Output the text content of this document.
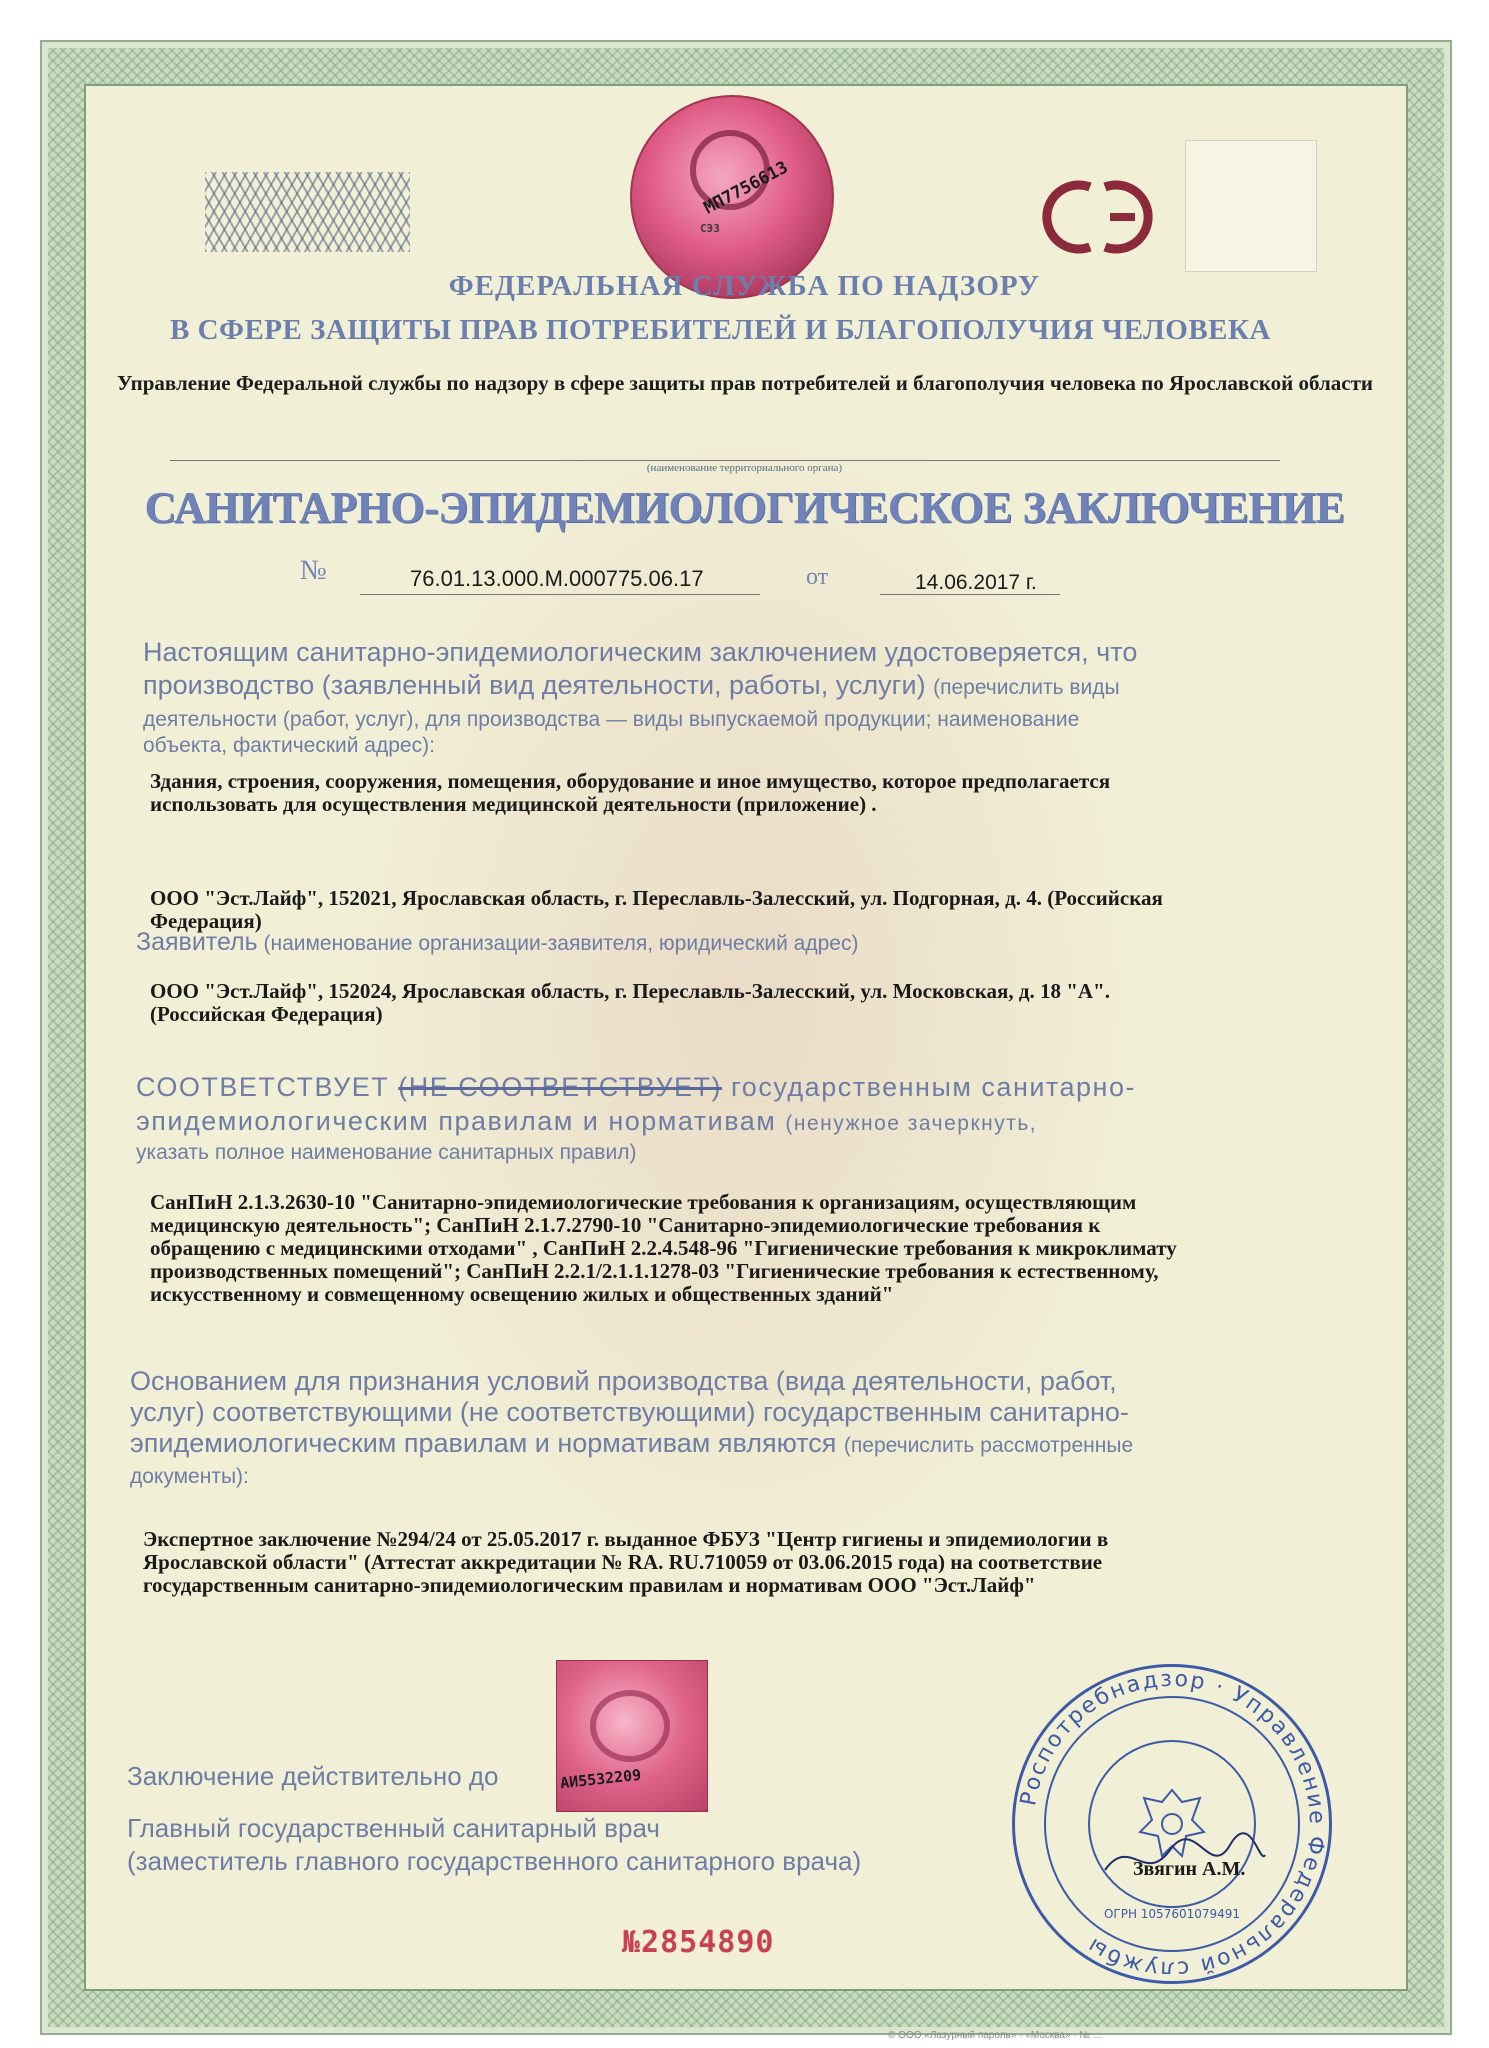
МП7756613
СЭЗ
ФЕДЕРАЛЬНАЯ СЛУЖБА ПО НАДЗОРУ
В СФЕРЕ ЗАЩИТЫ ПРАВ ПОТРЕБИТЕЛЕЙ И БЛАГОПОЛУЧИЯ ЧЕЛОВЕКА
Управление Федеральной службы по надзору в сфере защиты прав потребителей и благополучия человека по Ярославской области
(наименование территориального органа)
САНИТАРНО-ЭПИДЕМИОЛОГИЧЕСКОЕ ЗАКЛЮЧЕНИЕ
№	76.01.13.000.М.000775.06.17	от	14.06.2017 г.
Настоящим санитарно-эпидемиологическим заключением удостоверяется, что
производство (заявленный вид деятельности, работы, услуги) (перечислить виды
деятельности (работ, услуг), для производства — виды выпускаемой продукции; наименование
объекта, фактический адрес):
Здания, строения, сооружения, помещения, оборудование и иное имущество, которое предполагается
использовать для осуществления медицинской деятельности (приложение) .
ООО "Эст.Лайф", 152021, Ярославская область, г. Переславль-Залесский, ул. Подгорная, д. 4. (Российская
Федерация)
Заявитель (наименование организации-заявителя, юридический адрес)
ООО "Эст.Лайф", 152024, Ярославская область, г. Переславль-Залесский, ул. Московская, д. 18 "А".
(Российская Федерация)
СООТВЕТСТВУЕТ (НЕ СООТВЕТСТВУЕТ) государственным санитарно-
эпидемиологическим правилам и нормативам (ненужное зачеркнуть,
указать полное наименование санитарных правил)
СанПиН 2.1.3.2630-10 "Санитарно-эпидемиологические требования к организациям, осуществляющим
медицинскую деятельность"; СанПиН 2.1.7.2790-10 "Санитарно-эпидемиологические требования к
обращению с медицинскими отходами" , СанПиН 2.2.4.548-96 "Гигиенические требования к микроклимату
производственных помещений"; СанПиН 2.2.1/2.1.1.1278-03 "Гигиенические требования к естественному,
искусственному и совмещенному освещению жилых и общественных зданий"
Основанием для признания условий производства (вида деятельности, работ,
услуг) соответствующими (не соответствующими) государственным санитарно-
эпидемиологическим правилам и нормативам являются (перечислить рассмотренные
документы):
Экспертное заключение №294/24 от 25.05.2017 г. выданное ФБУЗ "Центр гигиены и эпидемиологии в
Ярославской области" (Аттестат аккредитации № RA. RU.710059 от 03.06.2015 года) на соответствие
государственным санитарно-эпидемиологическим правилам и нормативам ООО "Эст.Лайф"
АИ5532209
Заключение действительно до
Главный государственный санитарный врач
(заместитель главного государственного санитарного врача)
Роспотребнадзор · Управление Федеральной службы
ОГРН 1057601079491
Звягин А.М.
№2854890
© ООО «Лазурный пароль» · «Москва» · № …
